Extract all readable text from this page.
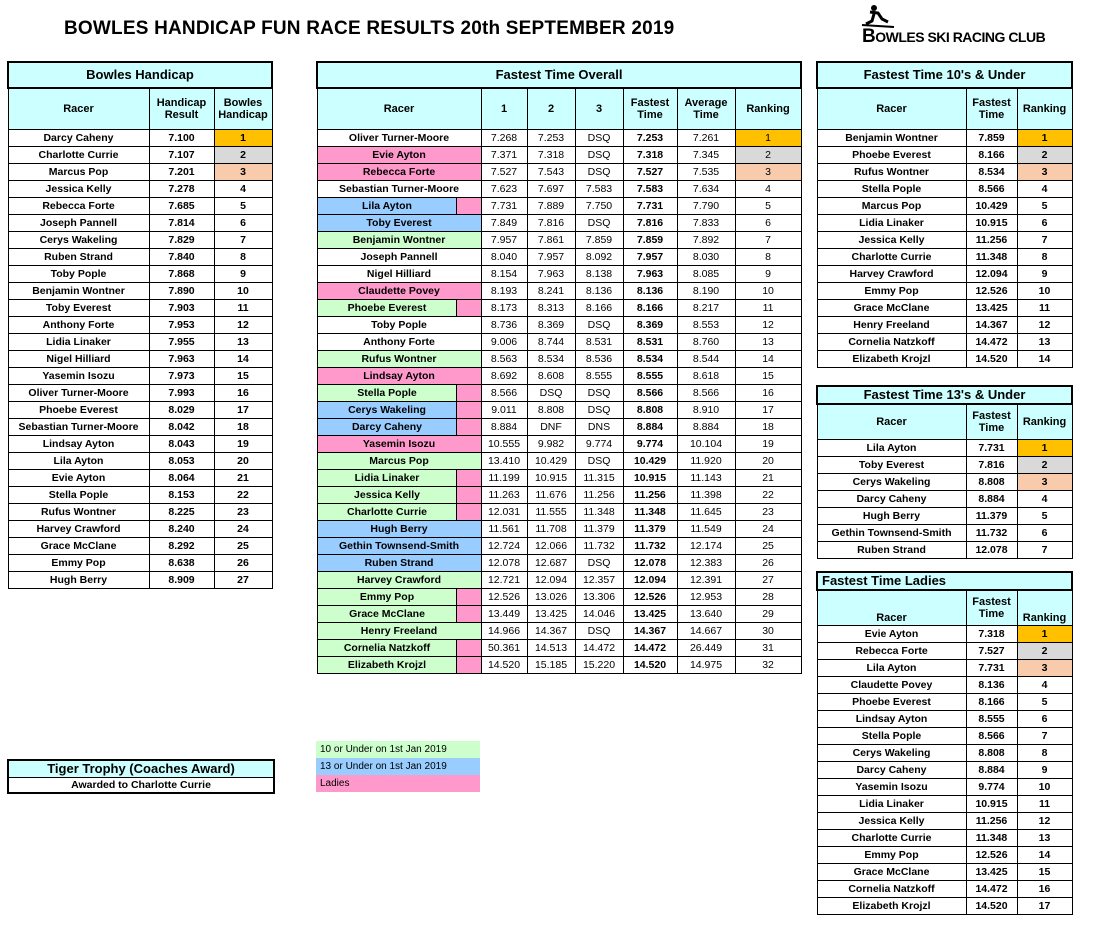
BOWLES HANDICAP FUN RACE RESULTS 20th SEPTEMBER 2019	BOWLES SKI RACING CLUB
Bowles Handicap		
Racer	Handicap Result	Bowles Handicap
Darcy Caheny	7.100	1
Charlotte Currie	7.107	2
Marcus Pop	7.201	3
Jessica Kelly	7.278	4
Rebecca Forte	7.685	5
Joseph Pannell	7.814	6
Cerys Wakeling	7.829	7
Ruben Strand	7.840	8
Toby Pople	7.868	9
Benjamin Wontner	7.890	10
Toby Everest	7.903	11
Anthony Forte	7.953	12
Lidia Linaker	7.955	13
Nigel Hilliard	7.963	14
Yasemin Isozu	7.973	15
Oliver Turner-Moore	7.993	16
Phoebe Everest	8.029	17
Sebastian Turner-Moore	8.042	18
Lindsay Ayton	8.043	19
Lila Ayton	8.053	20
Evie Ayton	8.064	21
Stella Pople	8.153	22
Rufus Wontner	8.225	23
Harvey Crawford	8.240	24
Grace McClane	8.292	25
Emmy Pop	8.638	26
Hugh Berry	8.909	27
Fastest Time Overall						
Racer	1	2	3	Fastest Time	Average Time	Ranking
Oliver Turner-Moore	7.268	7.253	DSQ	7.253	7.261	1
Evie Ayton	7.371	7.318	DSQ	7.318	7.345	2
Rebecca Forte	7.527	7.543	DSQ	7.527	7.535	3
Sebastian Turner-Moore	7.623	7.697	7.583	7.583	7.634	4

Lila Ayton	7.731	7.889	7.750	7.731	7.790	5
Toby Everest	7.849	7.816	DSQ	7.816	7.833	6
Benjamin Wontner	7.957	7.861	7.859	7.859	7.892	7
Joseph Pannell	8.040	7.957	8.092	7.957	8.030	8
Nigel Hilliard	8.154	7.963	8.138	7.963	8.085	9
Claudette Povey	8.193	8.241	8.136	8.136	8.190	10

Phoebe Everest	8.173	8.313	8.166	8.166	8.217	11
Toby Pople	8.736	8.369	DSQ	8.369	8.553	12
Anthony Forte	9.006	8.744	8.531	8.531	8.760	13
Rufus Wontner	8.563	8.534	8.536	8.534	8.544	14
Lindsay Ayton	8.692	8.608	8.555	8.555	8.618	15

Stella Pople	8.566	DSQ	DSQ	8.566	8.566	16

Cerys Wakeling	9.011	8.808	DSQ	8.808	8.910	17

Darcy Caheny	8.884	DNF	DNS	8.884	8.884	18
Yasemin Isozu	10.555	9.982	9.774	9.774	10.104	19
Marcus Pop	13.410	10.429	DSQ	10.429	11.920	20

Lidia Linaker	11.199	10.915	11.315	10.915	11.143	21

Jessica Kelly	11.263	11.676	11.256	11.256	11.398	22

Charlotte Currie	12.031	11.555	11.348	11.348	11.645	23
Hugh Berry	11.561	11.708	11.379	11.379	11.549	24
Gethin Townsend-Smith	12.724	12.066	11.732	11.732	12.174	25
Ruben Strand	12.078	12.687	DSQ	12.078	12.383	26
Harvey Crawford	12.721	12.094	12.357	12.094	12.391	27

Emmy Pop	12.526	13.026	13.306	12.526	12.953	28

Grace McClane	13.449	13.425	14.046	13.425	13.640	29
Henry Freeland	14.966	14.367	DSQ	14.367	14.667	30

Cornelia Natzkoff	50.361	14.513	14.472	14.472	26.449	31

Elizabeth Krojzl	14.520	15.185	15.220	14.520	14.975	32
Fastest Time 10's & Under		
Racer	Fastest Time	Ranking
Benjamin Wontner	7.859	1
Phoebe Everest	8.166	2
Rufus Wontner	8.534	3
Stella Pople	8.566	4
Marcus Pop	10.429	5
Lidia Linaker	10.915	6
Jessica Kelly	11.256	7
Charlotte Currie	11.348	8
Harvey Crawford	12.094	9
Emmy Pop	12.526	10
Grace McClane	13.425	11
Henry Freeland	14.367	12
Cornelia Natzkoff	14.472	13
Elizabeth Krojzl	14.520	14
Fastest Time 13's & Under		
Racer	Fastest Time	Ranking
Lila Ayton	7.731	1
Toby Everest	7.816	2
Cerys Wakeling	8.808	3
Darcy Caheny	8.884	4
Hugh Berry	11.379	5
Gethin Townsend-Smith	11.732	6
Ruben Strand	12.078	7
Fastest Time Ladies		
Racer	Fastest Time	Ranking
Evie Ayton	7.318	1
Rebecca Forte	7.527	2
Lila Ayton	7.731	3
Claudette Povey	8.136	4
Phoebe Everest	8.166	5
Lindsay Ayton	8.555	6
Stella Pople	8.566	7
Cerys Wakeling	8.808	8
Darcy Caheny	8.884	9
Yasemin Isozu	9.774	10
Lidia Linaker	10.915	11
Jessica Kelly	11.256	12
Charlotte Currie	11.348	13
Emmy Pop	12.526	14
Grace McClane	13.425	15
Cornelia Natzkoff	14.472	16
Elizabeth Krojzl	14.520	17
10 or Under on 1st Jan 2019
13 or Under on 1st Jan 2019
Ladies
Tiger Trophy (Coaches Award)
Awarded to Charlotte Currie
